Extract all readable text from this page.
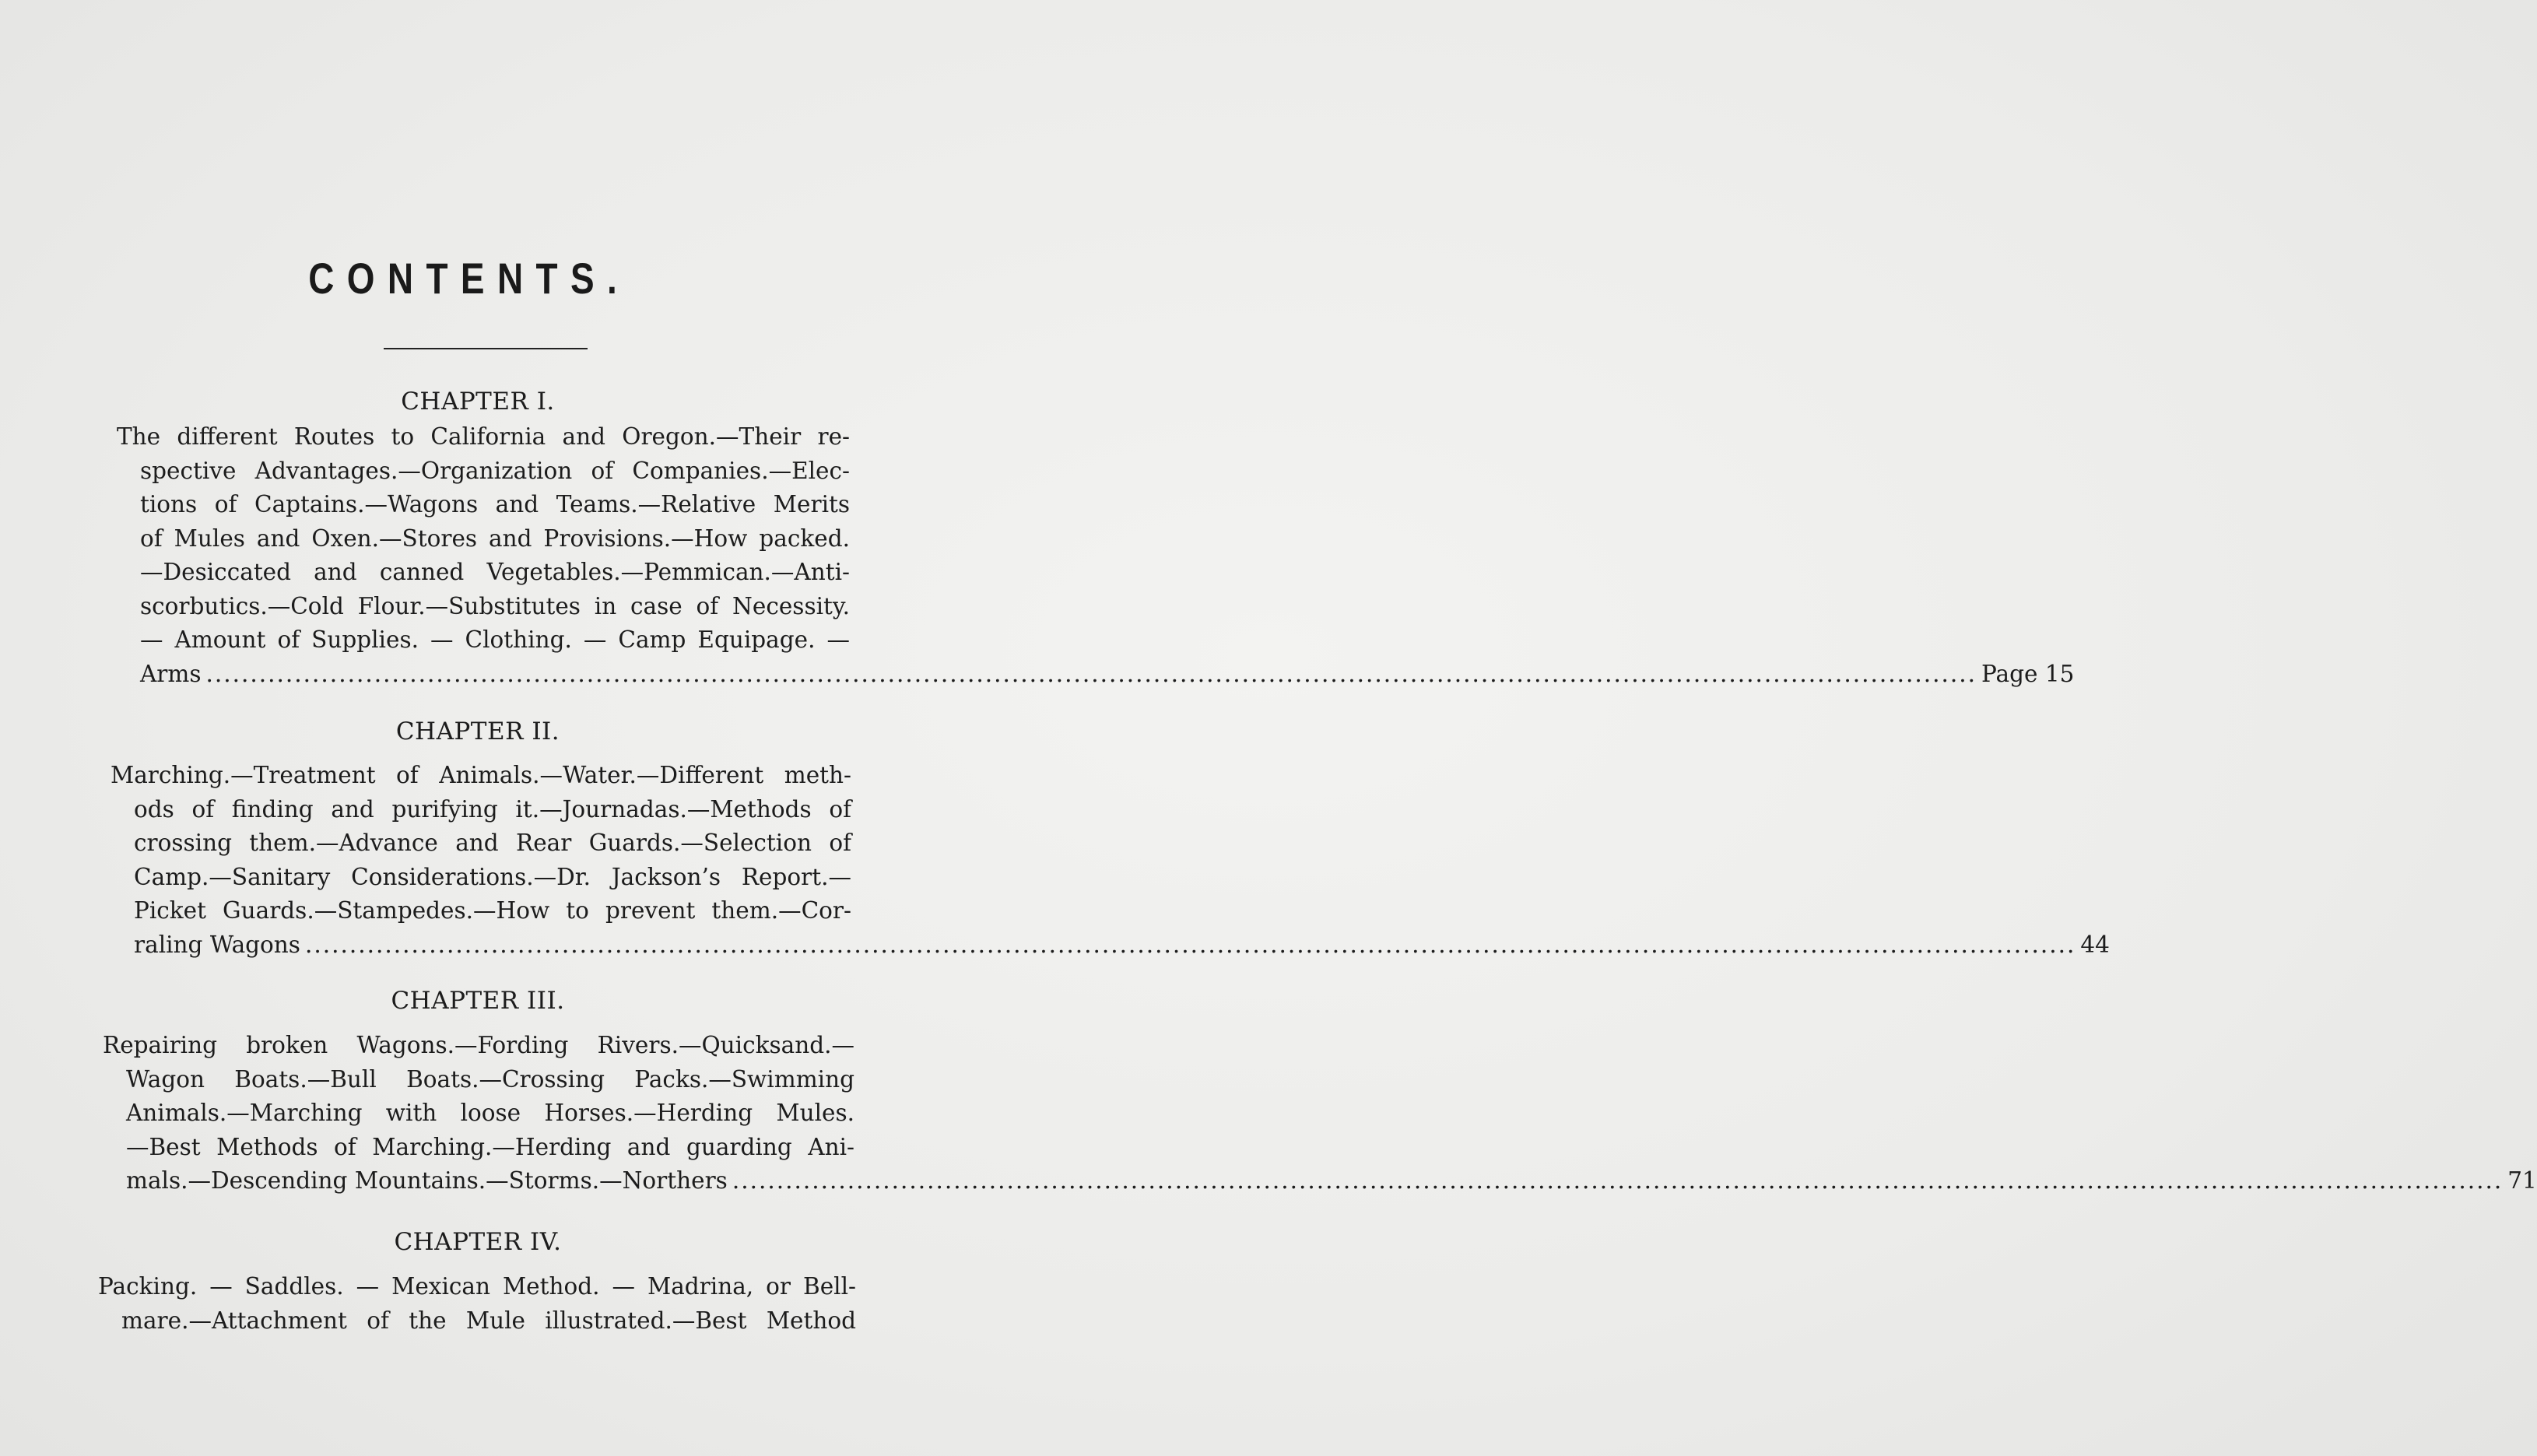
CONTENTS.
CHAPTER I.
The different Routes to California and Oregon.—Their re-
spective Advantages.—Organization of Companies.—Elec-
tions of Captains.—Wagons and Teams.—Relative Merits
of Mules and Oxen.—Stores and Provisions.—How packed.
—Desiccated and canned Vegetables.—Pemmican.—Anti-
scorbutics.—Cold Flour.—Substitutes in case of Necessity.
— Amount of Supplies. — Clothing. — Camp Equipage. —
Arms ........................................................................................................................................................................................................ Page 15
CHAPTER II.
Marching.—Treatment of Animals.—Water.—Different meth-
ods of finding and purifying it.—Journadas.—Methods of
crossing them.—Advance and Rear Guards.—Selection of
Camp.—Sanitary Considerations.—Dr. Jackson’s Report.—
Picket Guards.—Stampedes.—How to prevent them.—Cor-
raling Wagons ........................................................................................................................................................................................................ 44
CHAPTER III.
Repairing broken Wagons.—Fording Rivers.—Quicksand.—
Wagon Boats.—Bull Boats.—Crossing Packs.—Swimming
Animals.—Marching with loose Horses.—Herding Mules.
—Best Methods of Marching.—Herding and guarding Ani-
mals.—Descending Mountains.—Storms.—Northers ........................................................................................................................................................................................................ 71
CHAPTER IV.
Packing. — Saddles. — Mexican Method. — Madrina, or Bell-
mare.—Attachment of the Mule illustrated.—Best Method
